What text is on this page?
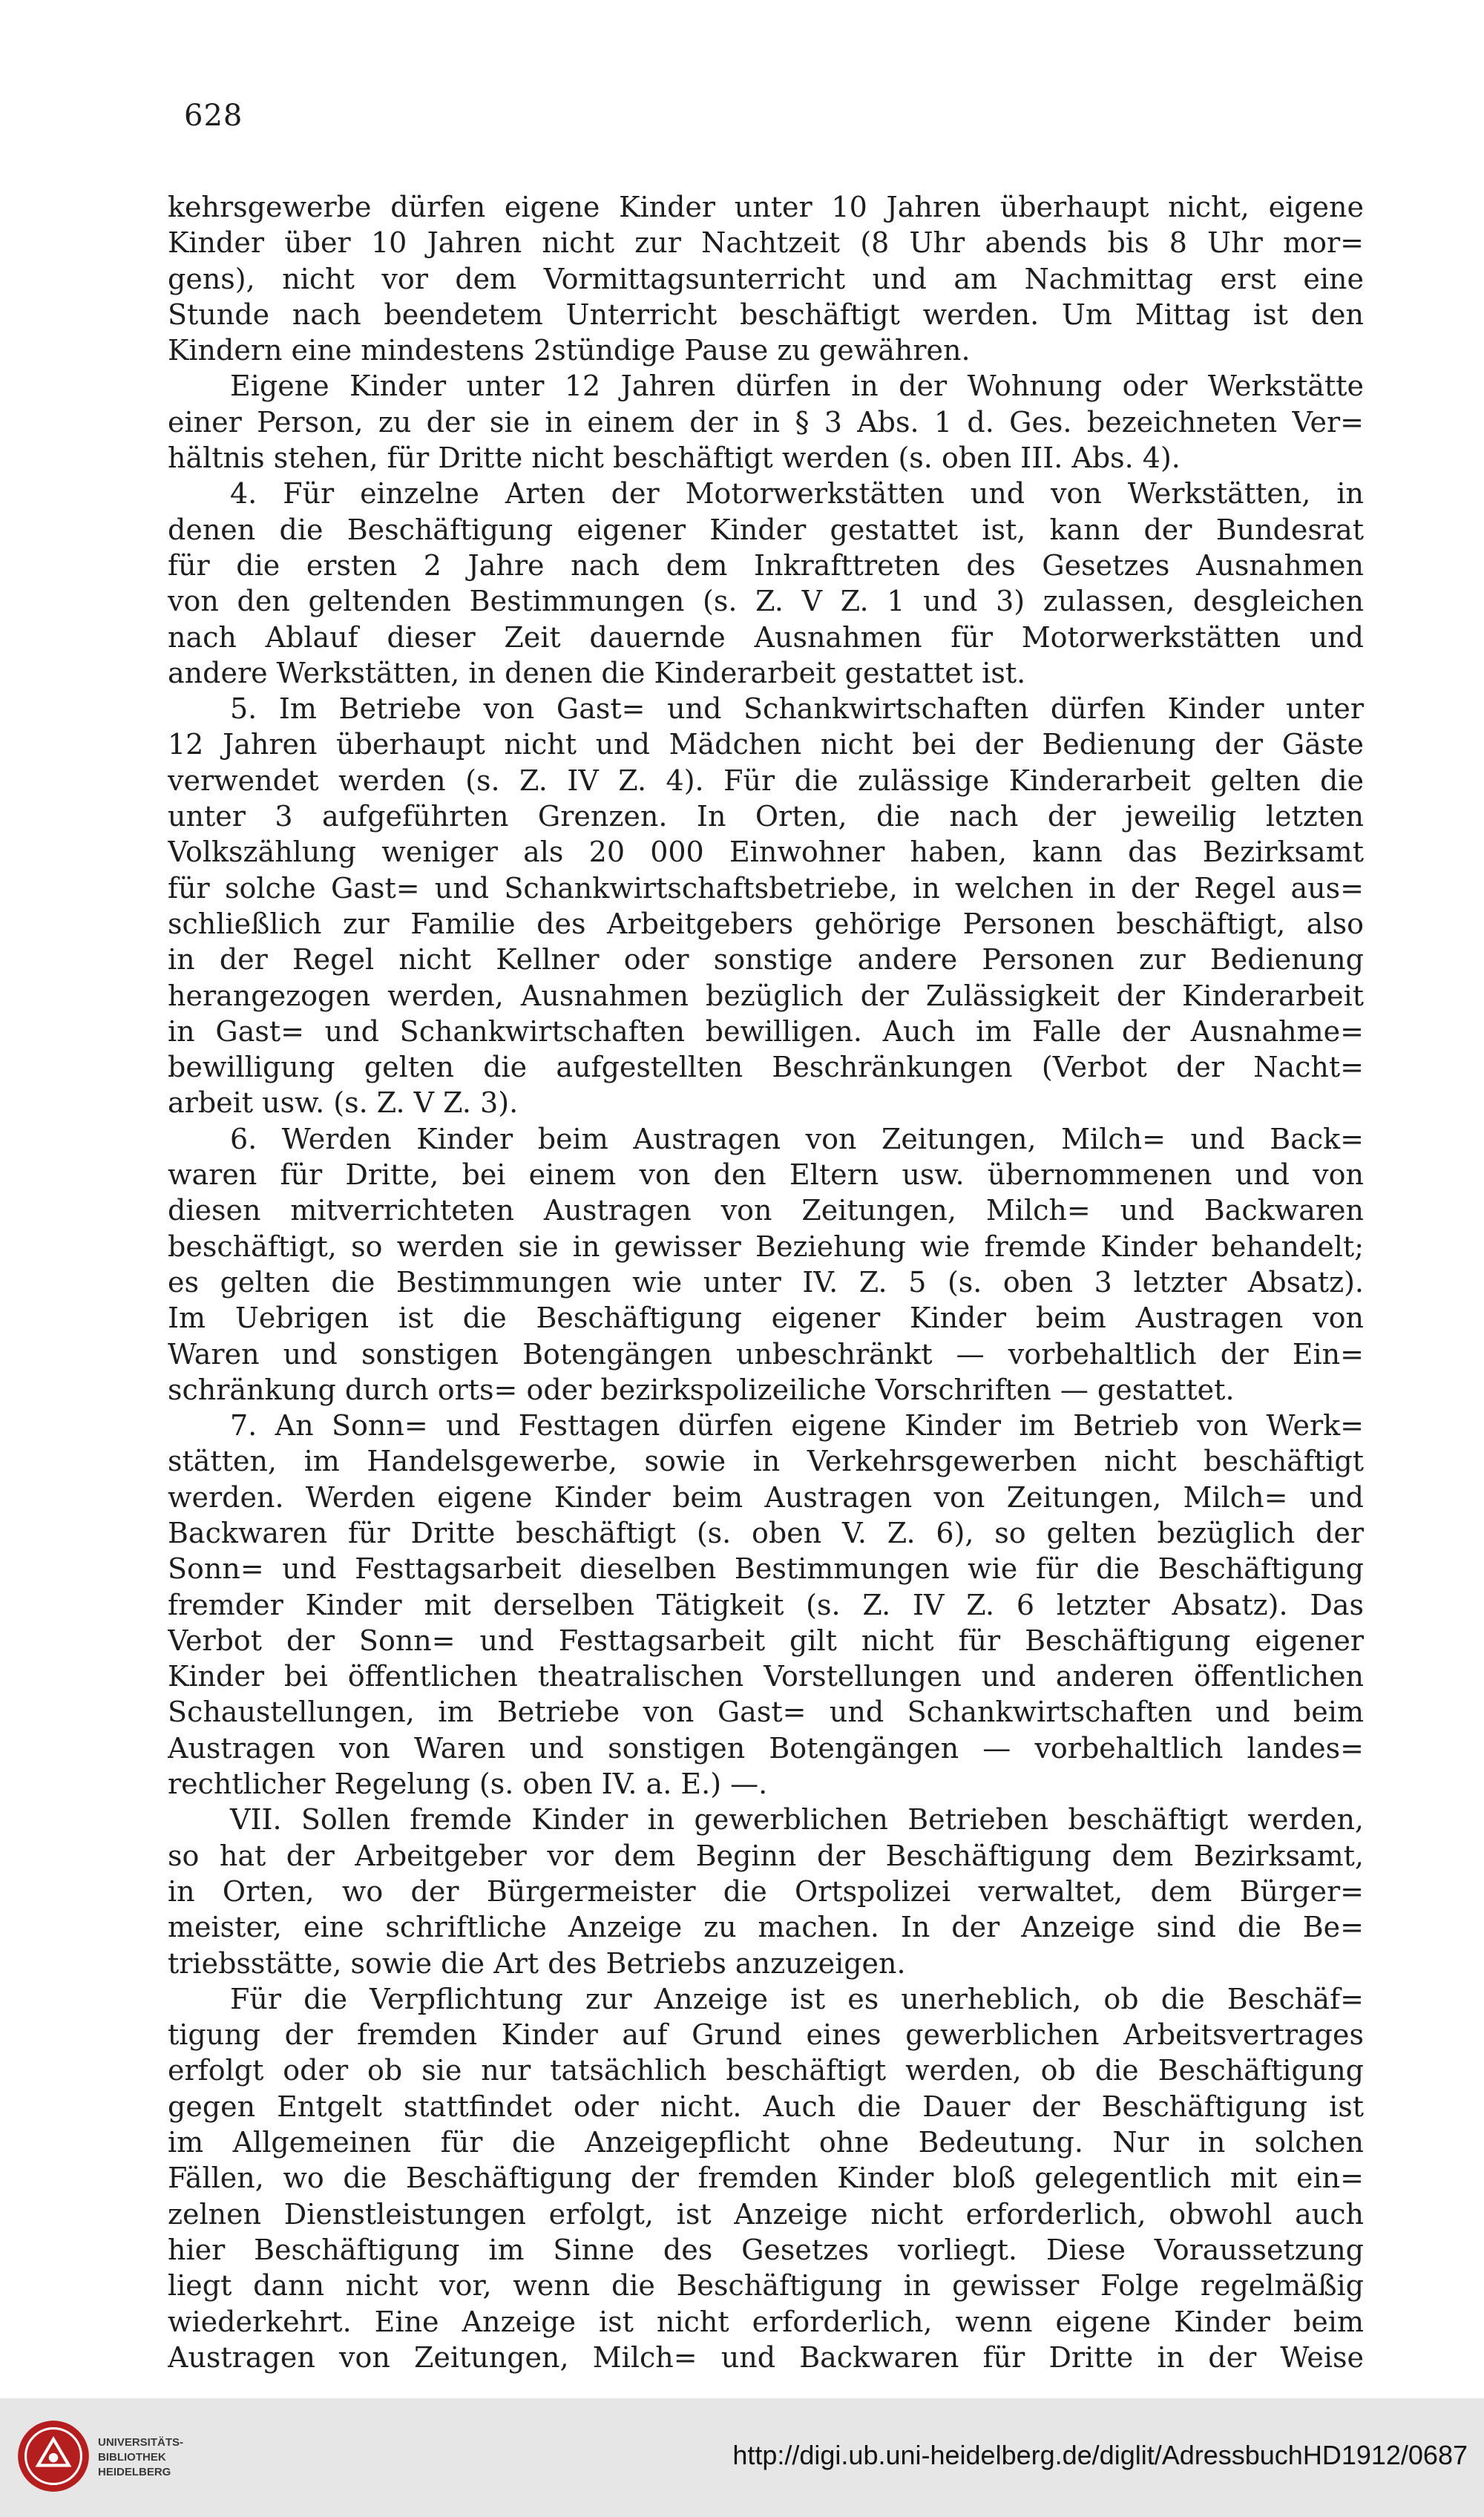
628
kehrsgewerbe dürfen eigene Kinder unter 10 Jahren überhaupt nicht, eigene
Kinder über 10 Jahren nicht zur Nachtzeit (8 Uhr abends bis 8 Uhr mor=
gens), nicht vor dem Vormittagsunterricht und am Nachmittag erst eine
Stunde nach beendetem Unterricht beschäftigt werden. Um Mittag ist den
Kindern eine mindestens 2stündige Pause zu gewähren.
Eigene Kinder unter 12 Jahren dürfen in der Wohnung oder Werkstätte
einer Person, zu der sie in einem der in § 3 Abs. 1 d. Ges. bezeichneten Ver=
hältnis stehen, für Dritte nicht beschäftigt werden (s. oben III. Abs. 4).
4. Für einzelne Arten der Motorwerkstätten und von Werkstätten, in
denen die Beschäftigung eigener Kinder gestattet ist, kann der Bundesrat
für die ersten 2 Jahre nach dem Inkrafttreten des Gesetzes Ausnahmen
von den geltenden Bestimmungen (s. Z. V Z. 1 und 3) zulassen, desgleichen
nach Ablauf dieser Zeit dauernde Ausnahmen für Motorwerkstätten und
andere Werkstätten, in denen die Kinderarbeit gestattet ist.
5. Im Betriebe von Gast= und Schankwirtschaften dürfen Kinder unter
12 Jahren überhaupt nicht und Mädchen nicht bei der Bedienung der Gäste
verwendet werden (s. Z. IV Z. 4). Für die zulässige Kinderarbeit gelten die
unter 3 aufgeführten Grenzen. In Orten, die nach der jeweilig letzten
Volkszählung weniger als 20 000 Einwohner haben, kann das Bezirksamt
für solche Gast= und Schankwirtschaftsbetriebe, in welchen in der Regel aus=
schließlich zur Familie des Arbeitgebers gehörige Personen beschäftigt, also
in der Regel nicht Kellner oder sonstige andere Personen zur Bedienung
herangezogen werden, Ausnahmen bezüglich der Zulässigkeit der Kinderarbeit
in Gast= und Schankwirtschaften bewilligen. Auch im Falle der Ausnahme=
bewilligung gelten die aufgestellten Beschränkungen (Verbot der Nacht=
arbeit usw. (s. Z. V Z. 3).
6. Werden Kinder beim Austragen von Zeitungen, Milch= und Back=
waren für Dritte, bei einem von den Eltern usw. übernommenen und von
diesen mitverrichteten Austragen von Zeitungen, Milch= und Backwaren
beschäftigt, so werden sie in gewisser Beziehung wie fremde Kinder behandelt;
es gelten die Bestimmungen wie unter IV. Z. 5 (s. oben 3 letzter Absatz).
Im Uebrigen ist die Beschäftigung eigener Kinder beim Austragen von
Waren und sonstigen Botengängen unbeschränkt — vorbehaltlich der Ein=
schränkung durch orts= oder bezirkspolizeiliche Vorschriften — gestattet.
7. An Sonn= und Festtagen dürfen eigene Kinder im Betrieb von Werk=
stätten, im Handelsgewerbe, sowie in Verkehrsgewerben nicht beschäftigt
werden. Werden eigene Kinder beim Austragen von Zeitungen, Milch= und
Backwaren für Dritte beschäftigt (s. oben V. Z. 6), so gelten bezüglich der
Sonn= und Festtagsarbeit dieselben Bestimmungen wie für die Beschäftigung
fremder Kinder mit derselben Tätigkeit (s. Z. IV Z. 6 letzter Absatz). Das
Verbot der Sonn= und Festtagsarbeit gilt nicht für Beschäftigung eigener
Kinder bei öffentlichen theatralischen Vorstellungen und anderen öffentlichen
Schaustellungen, im Betriebe von Gast= und Schankwirtschaften und beim
Austragen von Waren und sonstigen Botengängen — vorbehaltlich landes=
rechtlicher Regelung (s. oben IV. a. E.) —.
VII. Sollen fremde Kinder in gewerblichen Betrieben beschäftigt werden,
so hat der Arbeitgeber vor dem Beginn der Beschäftigung dem Bezirksamt,
in Orten, wo der Bürgermeister die Ortspolizei verwaltet, dem Bürger=
meister, eine schriftliche Anzeige zu machen. In der Anzeige sind die Be=
triebsstätte, sowie die Art des Betriebs anzuzeigen.
Für die Verpflichtung zur Anzeige ist es unerheblich, ob die Beschäf=
tigung der fremden Kinder auf Grund eines gewerblichen Arbeitsvertrages
erfolgt oder ob sie nur tatsächlich beschäftigt werden, ob die Beschäftigung
gegen Entgelt stattfindet oder nicht. Auch die Dauer der Beschäftigung ist
im Allgemeinen für die Anzeigepflicht ohne Bedeutung. Nur in solchen
Fällen, wo die Beschäftigung der fremden Kinder bloß gelegentlich mit ein=
zelnen Dienstleistungen erfolgt, ist Anzeige nicht erforderlich, obwohl auch
hier Beschäftigung im Sinne des Gesetzes vorliegt. Diese Voraussetzung
liegt dann nicht vor, wenn die Beschäftigung in gewisser Folge regelmäßig
wiederkehrt. Eine Anzeige ist nicht erforderlich, wenn eigene Kinder beim
Austragen von Zeitungen, Milch= und Backwaren für Dritte in der Weise
UNIVERSITÄTS-
BIBLIOTHEK
HEIDELBERG
http://digi.ub.uni-heidelberg.de/diglit/AdressbuchHD1912/0687
